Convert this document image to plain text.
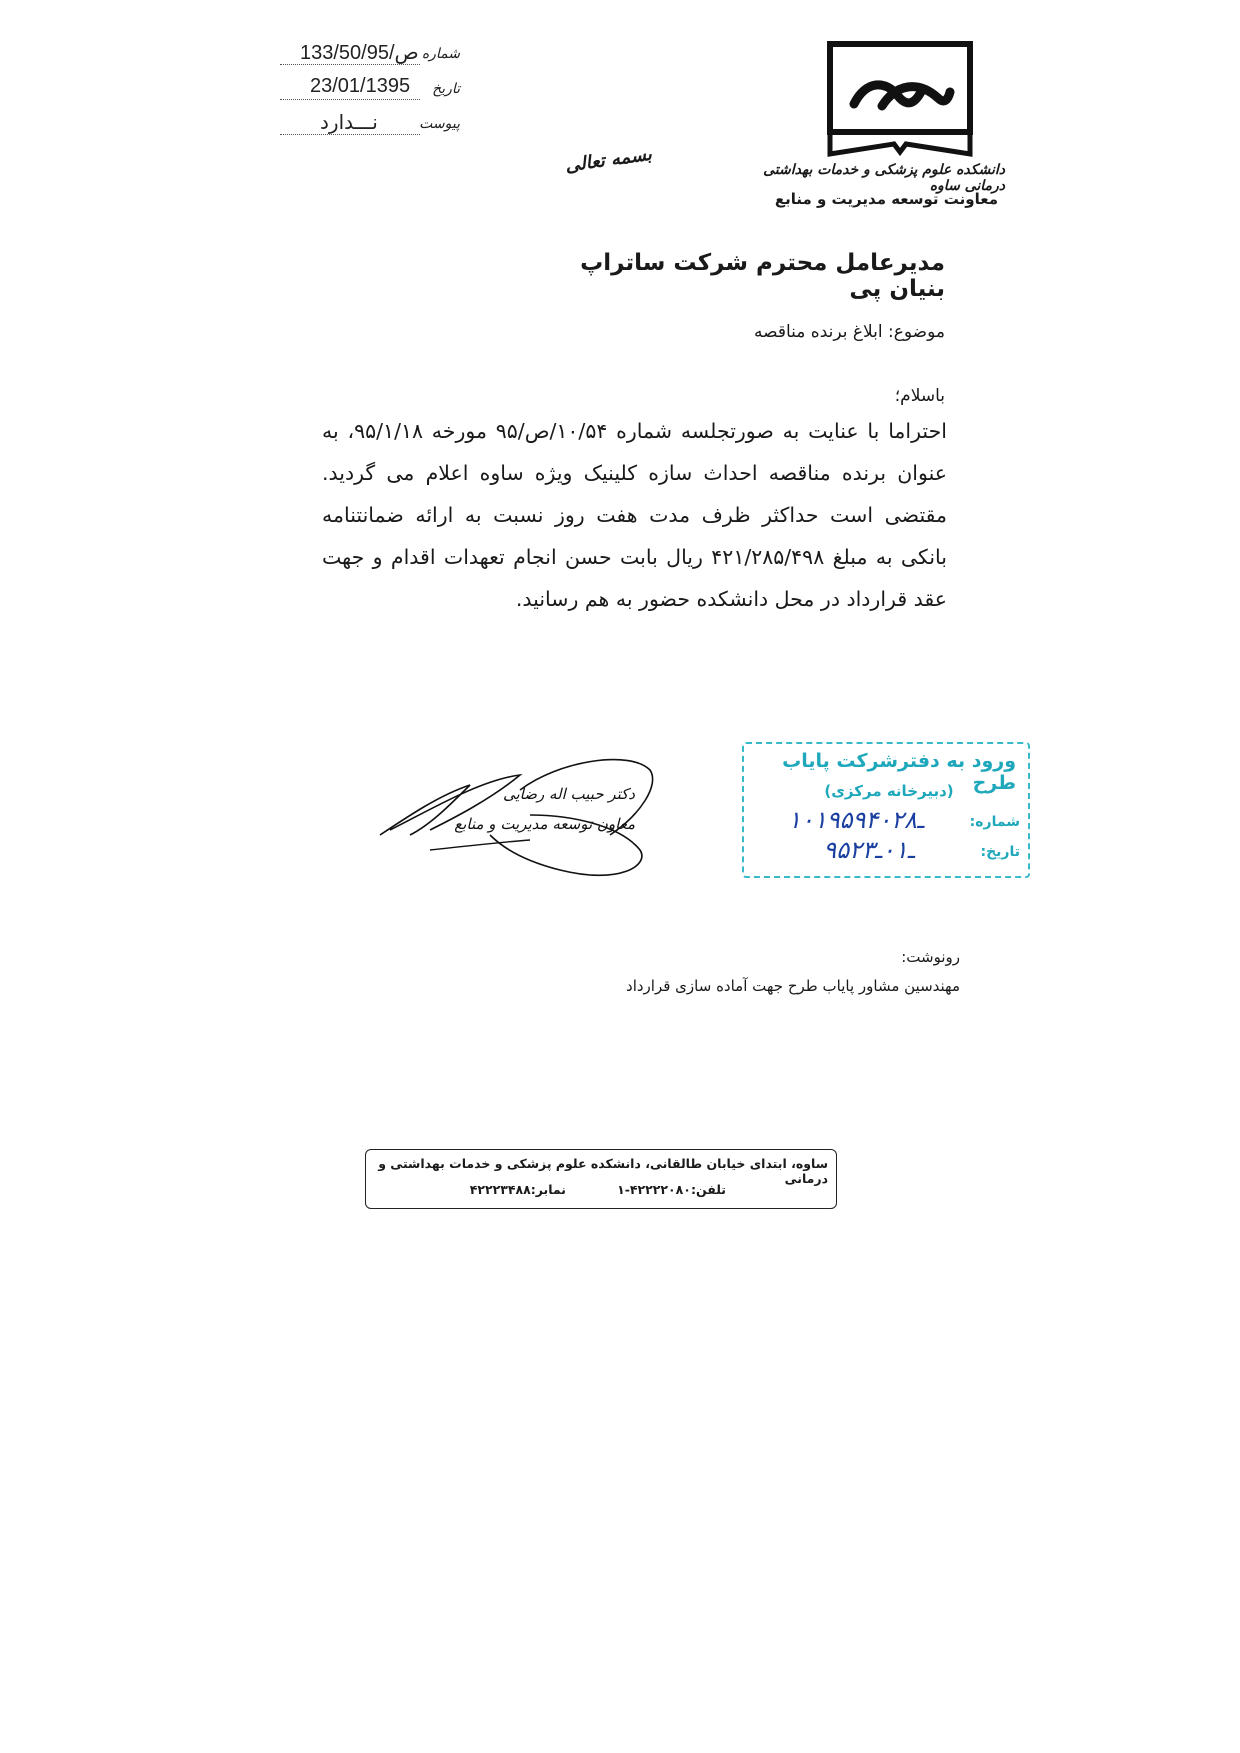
133/50/ص/95 شماره
23/01/1395	تاریخ
نـــدارد	پیوست
دانشکده علوم پزشکی و خدمات بهداشتی درمانی ساوه
معاونت توسعه مدیریت و منابع
بسمه تعالی
مدیرعامل محترم شرکت ساتراپ بنیان پی
موضوع: ابلاغ برنده مناقصه
باسلام؛
احتراما با عنایت به صورتجلسه شماره ۱۰/۵۴/ص/۹۵ مورخه ۹۵/۱/۱۸، به عنوان برنده مناقصه احداث سازه کلینیک ویژه ساوه اعلام می گردید. مقتضی است حداکثر ظرف مدت هفت روز نسبت به ارائه ضمانتنامه بانکی به مبلغ ۴۲۱/۲۸۵/۴۹۸ ریال بابت حسن انجام تعهدات اقدام و جهت عقد قرارداد در محل دانشکده حضور به هم رسانید.
دکتر حبیب اله رضایی
معاون توسعه مدیریت و منابع
ورود به دفترشرکت پایاب طرح
(دبیرخانه مرکزی)
شماره:
۱۰۱۹۵ـ۹۴۰۲۸
تاریخ:
۹۵ـ۰۱ـ۲۳
رونوشت:
مهندسین مشاور پایاب طرح جهت آماده سازی قرارداد
ساوه، ابتدای خیابان طالقانی، دانشکده علوم پزشکی و خدمات بهداشتی و درمانی
تلفن:۴۲۲۲۲۰۸۰-۱
نمابر:۴۲۲۲۳۴۸۸
